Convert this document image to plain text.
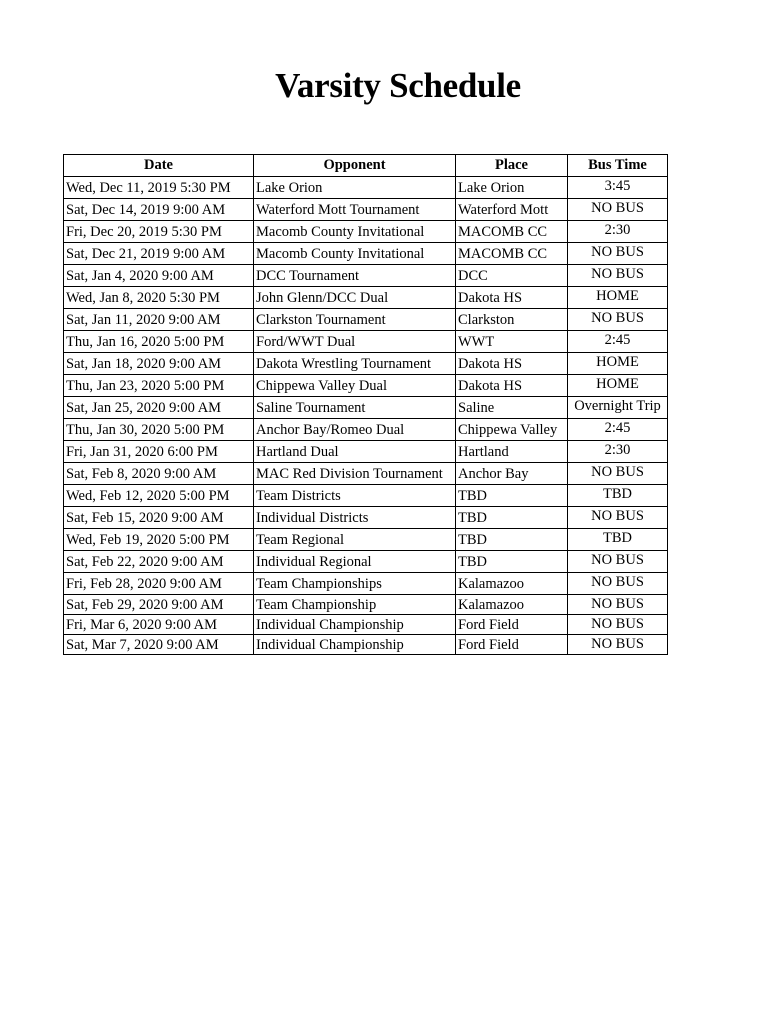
Varsity Schedule
Date	Opponent	Place	Bus Time
Wed, Dec 11, 2019 5:30 PM	Lake Orion	Lake Orion	3:45
Sat, Dec 14, 2019 9:00 AM	Waterford Mott Tournament	Waterford Mott	NO BUS
Fri, Dec 20, 2019 5:30 PM	Macomb County Invitational	MACOMB CC	2:30
Sat, Dec 21, 2019 9:00 AM	Macomb County Invitational	MACOMB CC	NO BUS
Sat, Jan 4, 2020 9:00 AM	DCC Tournament	DCC	NO BUS
Wed, Jan 8, 2020 5:30 PM	John Glenn/DCC Dual	Dakota HS	HOME
Sat, Jan 11, 2020 9:00 AM	Clarkston Tournament	Clarkston	NO BUS
Thu, Jan 16, 2020 5:00 PM	Ford/WWT Dual	WWT	2:45
Sat, Jan 18, 2020 9:00 AM	Dakota Wrestling Tournament	Dakota HS	HOME
Thu, Jan 23, 2020 5:00 PM	Chippewa Valley Dual	Dakota HS	HOME
Sat, Jan 25, 2020 9:00 AM	Saline Tournament	Saline	Overnight Trip
Thu, Jan 30, 2020 5:00 PM	Anchor Bay/Romeo Dual	Chippewa Valley	2:45
Fri, Jan 31, 2020 6:00 PM	Hartland Dual	Hartland	2:30
Sat, Feb 8, 2020 9:00 AM	MAC Red Division Tournament	Anchor Bay	NO BUS
Wed, Feb 12, 2020 5:00 PM	Team Districts	TBD	TBD
Sat, Feb 15, 2020 9:00 AM	Individual Districts	TBD	NO BUS
Wed, Feb 19, 2020 5:00 PM	Team Regional	TBD	TBD
Sat, Feb 22, 2020 9:00 AM	Individual Regional	TBD	NO BUS
Fri, Feb 28, 2020 9:00 AM	Team Championships	Kalamazoo	NO BUS
Sat, Feb 29, 2020 9:00 AM	Team Championship	Kalamazoo	NO BUS
Fri, Mar 6, 2020 9:00 AM	Individual Championship	Ford Field	NO BUS
Sat, Mar 7, 2020 9:00 AM	Individual Championship	Ford Field	NO BUS
